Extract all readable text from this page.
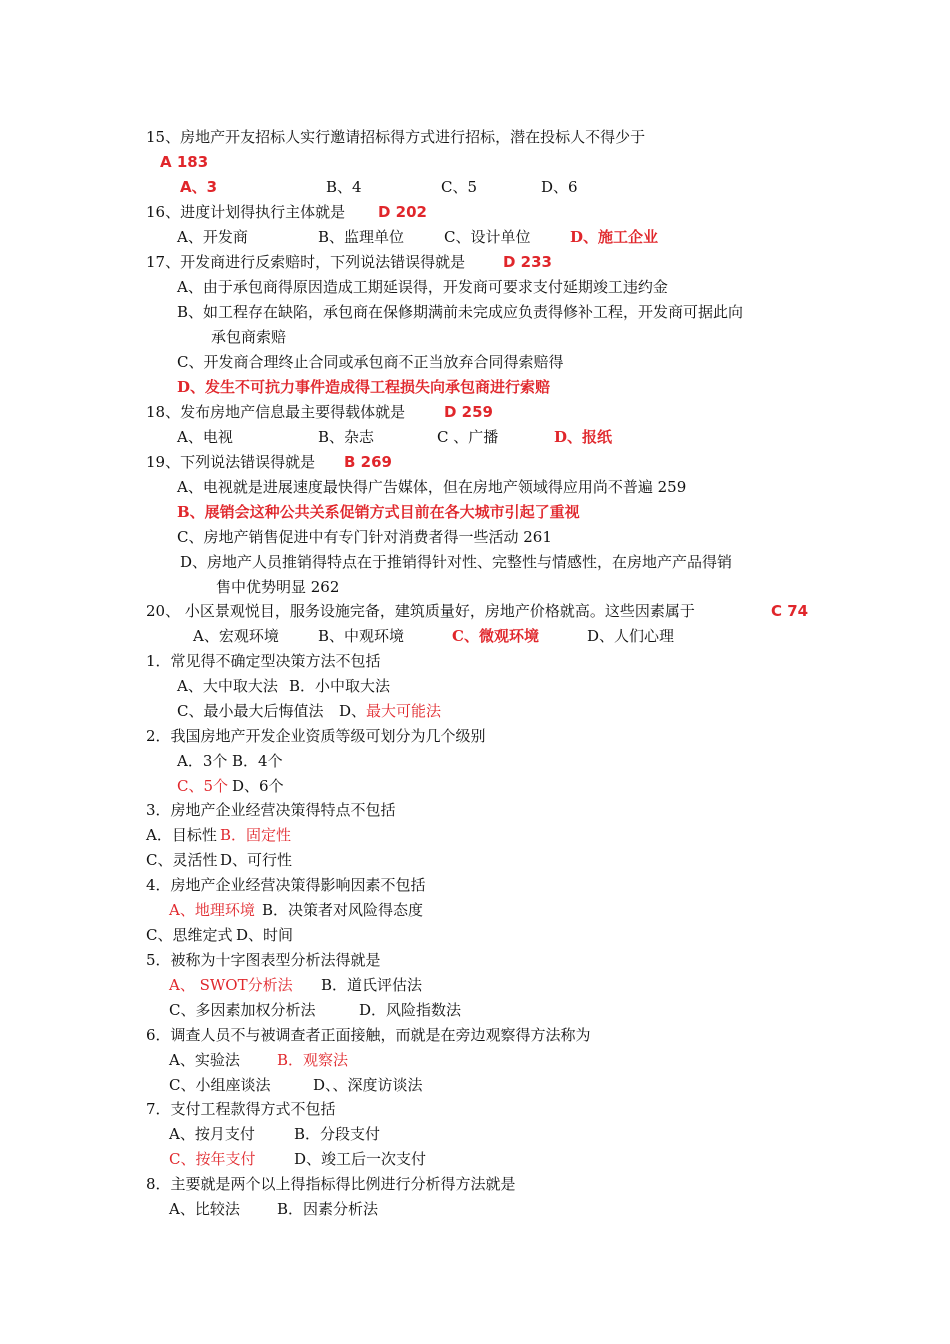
15、房地产开友招标人实行邀请招标得方式进行招标，潜在投标人不得少于
A 183
A、3	B、4	C、5	D、6
16、进度计划得执行主体就是 D 202
A、开发商	B、监理单位	C、设计单位	D、施工企业
17、开发商进行反索赔时，下列说法错误得就是	D 233
A、由于承包商得原因造成工期延误得，开发商可要求支付延期竣工违约金
B、如工程存在缺陷，承包商在保修期满前未完成应负责得修补工程，开发商可据此向
承包商索赔
C、开发商合理终止合同或承包商不正当放弃合同得索赔得
D、发生不可抗力事件造成得工程损失向承包商进行索赔
18、发布房地产信息最主要得载体就是	D 259
A、电视	B、杂志	C 、广播	D、报纸
19、下列说法错误得就是 B 269
A、电视就是进展速度最快得广告媒体，但在房地产领域得应用尚不普遍 259
B、展销会这种公共关系促销方式目前在各大城市引起了重视
C、房地产销售促进中有专门针对消费者得一些活动 261
D、房地产人员推销得特点在于推销得针对性、完整性与情感性，在房地产产品得销
售中优势明显 262
20、 小区景观悦目，服务设施完备，建筑质量好，房地产价格就高。这些因素属于	C 74
A、宏观环境	B、中观环境	C、微观环境	D、人们心理
1．常见得不确定型决策方法不包括
A、大中取大法 B．小中取大法
C、最小最大后悔值法 D、 最大可能法
2．我国房地产开发企业资质等级可划分为几个级别
A．3个 B．4个
C、5个 D、6个
3．房地产企业经营决策得特点不包括
A．目标性 B．固定性
C、灵活性 D、可行性
4．房地产企业经营决策得影响因素不包括
A、地理环境 B．决策者对风险得态度
C、思维定式 D、时间
5．被称为十字图表型分析法得就是
A、 SWOT分析法 B．道氏评估法
C、多因素加权分析法	D．风险指数法
6．调查人员不与被调查者正面接触，而就是在旁边观察得方法称为
A、实验法 B．观察法
C、小组座谈法	D、、深度访谈法
7．支付工程款得方式不包括
A、按月支付	B．分段支付
C、按年支付	D、竣工后一次支付
8．主要就是两个以上得指标得比例进行分析得方法就是
A、比较法 B．因素分析法
